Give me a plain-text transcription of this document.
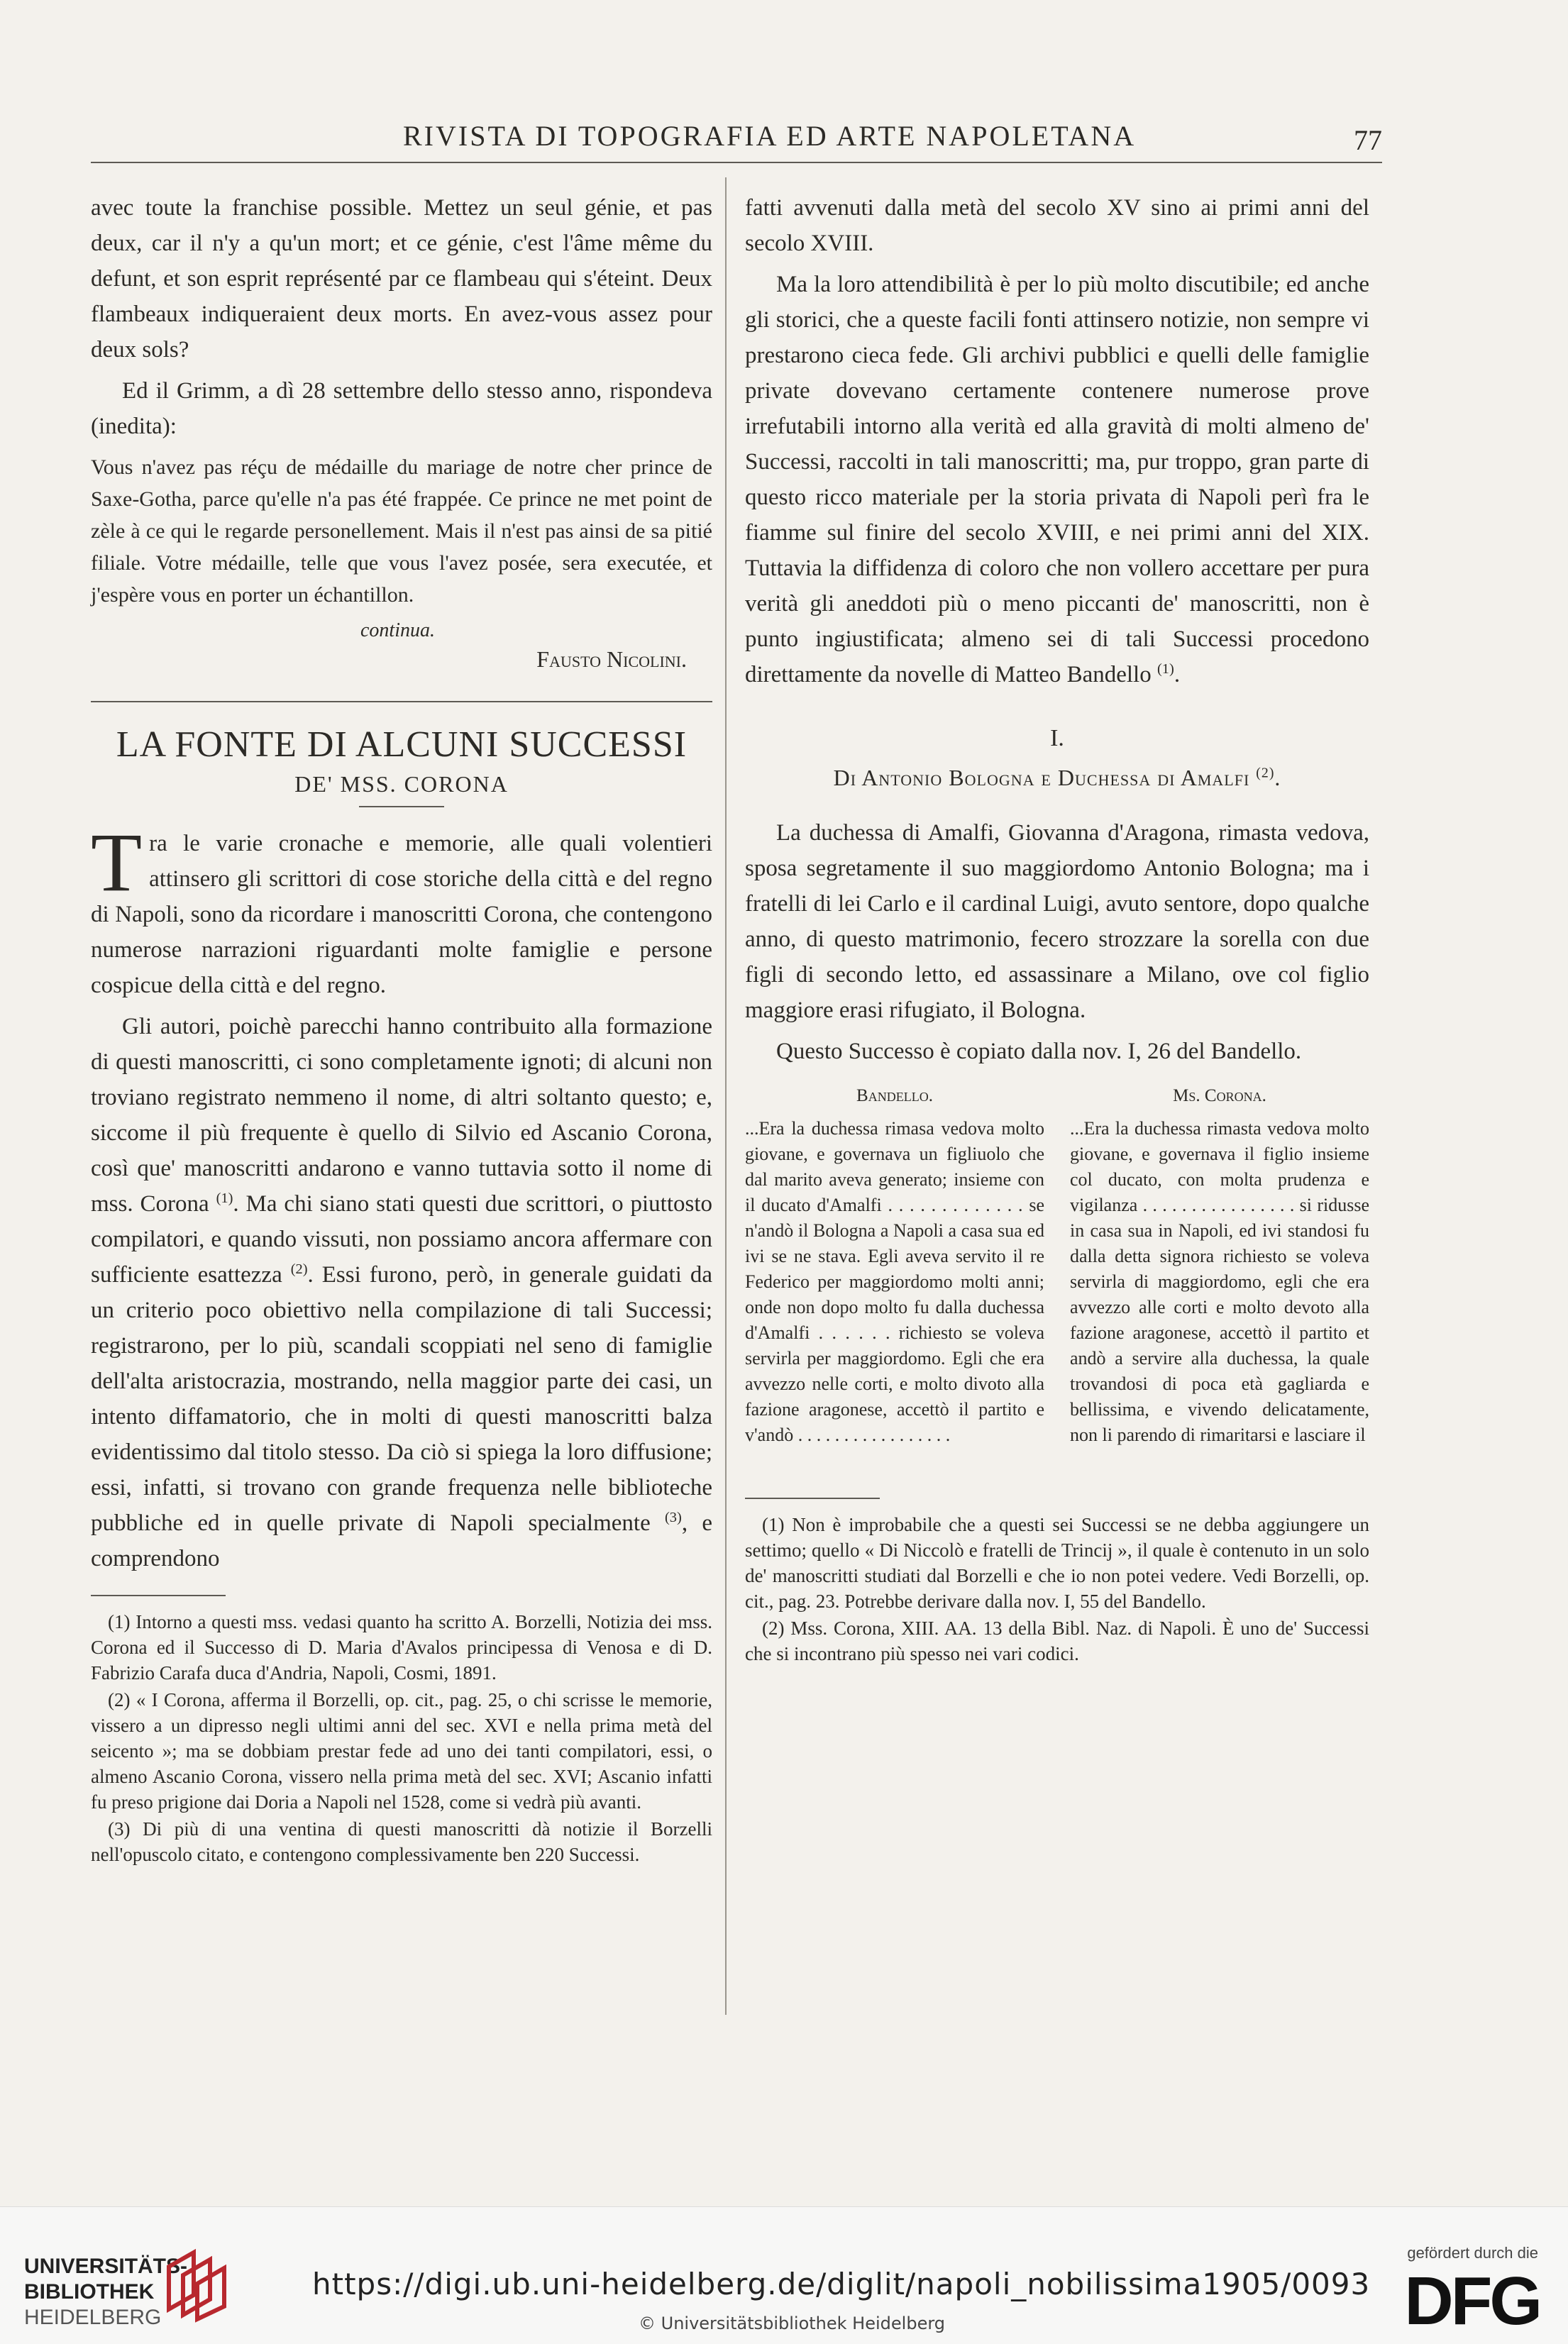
RIVISTA DI TOPOGRAFIA ED ARTE NAPOLETANA	77

avec toute la franchise possible. Mettez un seul génie, et pas deux, car il n'y a qu'un mort; et ce génie, c'est l'âme même du defunt, et son esprit représenté par ce flambeau qui s'éteint. Deux flambeaux indiqueraient deux morts. En avez-vous assez pour deux sols?

Ed il Grimm, a dì 28 settembre dello stesso anno, rispondeva (inedita):

Vous n'avez pas réçu de médaille du mariage de notre cher prince de Saxe-Gotha, parce qu'elle n'a pas été frappée. Ce prince ne met point de zèle à ce qui le regarde personellement. Mais il n'est pas ainsi de sa pitié filiale. Votre médaille, telle que vous l'avez posée, sera executée, et j'espère vous en porter un échantillon.

continua.

Fausto Nicolini.

LA FONTE DI ALCUNI SUCCESSI
DE' MSS. CORONA

Tra le varie cronache e memorie, alle quali volentieri attinsero gli scrittori di cose storiche della città e del regno di Napoli, sono da ricordare i manoscritti Corona, che contengono numerose narrazioni riguardanti molte famiglie e persone cospicue della città e del regno.

Gli autori, poichè parecchi hanno contribuito alla formazione di questi manoscritti, ci sono completamente ignoti; di alcuni non troviano registrato nemmeno il nome, di altri soltanto questo; e, siccome il più frequente è quello di Silvio ed Ascanio Corona, così que' manoscritti andarono e vanno tuttavia sotto il nome di mss. Corona $^{(1)}$. Ma chi siano stati questi due scrittori, o piuttosto compilatori, e quando vissuti, non possiamo ancora affermare con sufficiente esattezza $^{(2)}$. Essi furono, però, in generale guidati da un criterio poco obiettivo nella compilazione di tali Successi; registrarono, per lo più, scandali scoppiati nel seno di famiglie dell'alta aristocrazia, mostrando, nella maggior parte dei casi, un intento diffamatorio, che in molti di questi manoscritti balza evidentissimo dal titolo stesso. Da ciò si spiega la loro diffusione; essi, infatti, si trovano con grande frequenza nelle biblioteche pubbliche ed in quelle private di Napoli specialmente $^{(3)}$, e comprendono

(1) Intorno a questi mss. vedasi quanto ha scritto A. Borzelli, Notizia dei mss. Corona ed il Successo di D. Maria d'Avalos principessa di Venosa e di D. Fabrizio Carafa duca d'Andria, Napoli, Cosmi, 1891.

(2) « I Corona, afferma il Borzelli, op. cit., pag. 25, o chi scrisse le memorie, vissero a un dipresso negli ultimi anni del sec. XVI e nella prima metà del seicento »; ma se dobbiam prestar fede ad uno dei tanti compilatori, essi, o almeno Ascanio Corona, vissero nella prima metà del sec. XVI; Ascanio infatti fu preso prigione dai Doria a Napoli nel 1528, come si vedrà più avanti.

(3) Di più di una ventina di questi manoscritti dà notizie il Borzelli nell'opuscolo citato, e contengono complessivamente ben 220 Successi.

fatti avvenuti dalla metà del secolo XV sino ai primi anni del secolo XVIII.

Ma la loro attendibilità è per lo più molto discutibile; ed anche gli storici, che a queste facili fonti attinsero notizie, non sempre vi prestarono cieca fede. Gli archivi pubblici e quelli delle famiglie private dovevano certamente contenere numerose prove irrefutabili intorno alla verità ed alla gravità di molti almeno de' Successi, raccolti in tali manoscritti; ma, pur troppo, gran parte di questo ricco materiale per la storia privata di Napoli perì fra le fiamme sul finire del secolo XVIII, e nei primi anni del XIX. Tuttavia la diffidenza di coloro che non vollero accettare per pura verità gli aneddoti più o meno piccanti de' manoscritti, non è punto ingiustificata; almeno sei di tali Successi procedono direttamente da novelle di Matteo Bandello $^{(1)}$.

I.
Di Antonio Bologna e Duchessa di Amalfi $^{(2)}$.

La duchessa di Amalfi, Giovanna d'Aragona, rimasta vedova, sposa segretamente il suo maggiordomo Antonio Bologna; ma i fratelli di lei Carlo e il cardinal Luigi, avuto sentore, dopo qualche anno, di questo matrimonio, fecero strozzare la sorella con due figli di secondo letto, ed assassinare a Milano, ove col figlio maggiore erasi rifugiato, il Bologna.

Questo Successo è copiato dalla nov. I, 26 del Bandello.

Bandello.
...Era la duchessa rimasa vedova molto giovane, e governava un figliuolo che dal marito aveva generato; insieme con il ducato d'Amalfi . . . . . . . . . . . . . se n'andò il Bologna a Napoli a casa sua ed ivi se ne stava. Egli aveva servito il re Federico per maggiordomo molti anni; onde non dopo molto fu dalla duchessa d'Amalfi . . . . . . richiesto se voleva servirla per maggiordomo. Egli che era avvezzo nelle corti, e molto divoto alla fazione aragonese, accettò il partito e v'andò . . . . . . . . . . . . . . . . .
Ms. Corona.
...Era la duchessa rimasta vedova molto giovane, e governava il figlio insieme col ducato, con molta prudenza e vigilanza . . . . . . . . . . . . . . . . si ridusse in casa sua in Napoli, ed ivi standosi fu dalla detta signora richiesto se voleva servirla di maggiordomo, egli che era avvezzo alle corti e molto devoto alla fazione aragonese, accettò il partito et andò a servire alla duchessa, la quale trovandosi di poca età gagliarda e bellissima, e vivendo delicatamente, non li parendo di rimaritarsi e lasciare il

(1) Non è improbabile che a questi sei Successi se ne debba aggiungere un settimo; quello « Di Niccolò e fratelli de Trincij », il quale è contenuto in un solo de' manoscritti studiati dal Borzelli e che io non potei vedere. Vedi Borzelli, op. cit., pag. 23. Potrebbe derivare dalla nov. I, 55 del Bandello.

(2) Mss. Corona, XIII. AA. 13 della Bibl. Naz. di Napoli. È uno de' Successi che si incontrano più spesso nei vari codici.

UNIVERSITÄTS-
BIBLIOTHEK
HEIDELBERG
https://digi.ub.uni-heidelberg.de/diglit/napoli_nobilissima1905/0093
© Universitätsbibliothek Heidelberg
gefördert durch die
DFG
